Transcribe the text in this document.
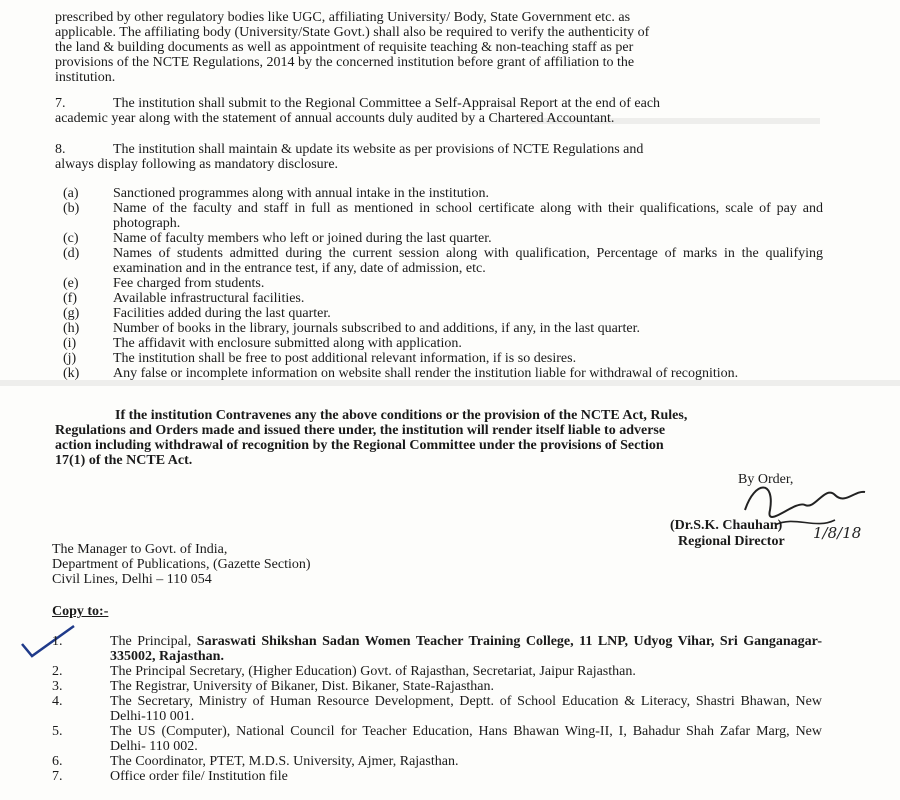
prescribed by other regulatory bodies like UGC, affiliating University/ Body, State Government etc. as
applicable. The affiliating body (University/State Govt.) shall also be required to verify the authenticity of
the land & building documents as well as appointment of requisite teaching & non-teaching staff as per
provisions of the NCTE Regulations, 2014 by the concerned institution before grant of affiliation to the
institution.
7.	The institution shall submit to the Regional Committee a Self-Appraisal Report at the end of each
academic year along with the statement of annual accounts duly audited by a Chartered Accountant.
8.	The institution shall maintain & update its website as per provisions of NCTE Regulations and
always display following as mandatory disclosure.
(a)	Sanctioned programmes along with annual intake in the institution.
(b)	Name of the faculty and staff in full as mentioned in school certificate along with their qualifications, scale of pay and photograph.
(c)	Name of faculty members who left or joined during the last quarter.
(d)	Names of students admitted during the current session along with qualification, Percentage of marks in the qualifying examination and in the entrance test, if any, date of admission, etc.
(e)	Fee charged from students.
(f)	Available infrastructural facilities.
(g)	Facilities added during the last quarter.
(h)	Number of books in the library, journals subscribed to and additions, if any, in the last quarter.
(i)	The affidavit with enclosure submitted along with application.
(j)	The institution shall be free to post additional relevant information, if is so desires.
(k)	Any false or incomplete information on website shall render the institution liable for withdrawal of recognition.
If the institution Contravenes any the above conditions or the provision of the NCTE Act, Rules,
Regulations and Orders made and issued there under, the institution will render itself liable to adverse
action including withdrawal of recognition by the Regional Committee under the provisions of Section
17(1) of the NCTE Act.
By Order,
1/8/18
(Dr.S.K. Chauhan)
Regional Director
The Manager to Govt. of India,
Department of Publications, (Gazette Section)
Civil Lines, Delhi – 110 054
Copy to:-
1.	The Principal, Saraswati Shikshan Sadan Women Teacher Training College, 11 LNP, Udyog Vihar, Sri Ganganagar-335002, Rajasthan.
2.	The Principal Secretary, (Higher Education) Govt. of Rajasthan, Secretariat, Jaipur Rajasthan.
3.	The Registrar, University of Bikaner, Dist. Bikaner, State-Rajasthan.
4.	The Secretary, Ministry of Human Resource Development, Deptt. of School Education & Literacy, Shastri Bhawan, New Delhi-110 001.
5.	The US (Computer), National Council for Teacher Education, Hans Bhawan Wing-II, I, Bahadur Shah Zafar Marg, New Delhi- 110 002.
6.	The Coordinator, PTET, M.D.S. University, Ajmer, Rajasthan.
7.	Office order file/ Institution file
